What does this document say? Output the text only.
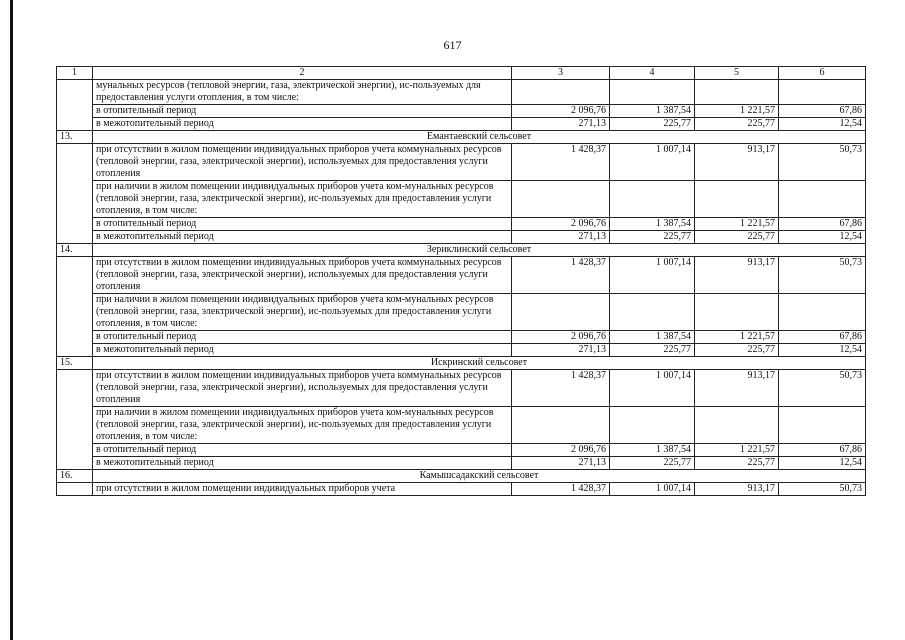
617
1	2	3	4	5	6
	мунальных ресурсов (тепловой энергии, газа, электрической энергии), ис-пользуемых для предоставления услуги отопления, в том числе:				
	в отопительный период	2 096,76	1 387,54	1 221,57	67,86
	в межотопительный период	271,13	225,77	225,77	12,54
13.	Емантаевский сельсовет				
	при отсутствии в жилом помещении индивидуальных приборов учета коммунальных ресурсов (тепловой энергии, газа, электрической энергии), используемых для предоставления услуги отопления	1 428,37	1 007,14	913,17	50,73
	при наличии в жилом помещении индивидуальных приборов учета ком-мунальных ресурсов (тепловой энергии, газа, электрической энергии), ис-пользуемых для предоставления услуги отопления, в том числе:				
	в отопительный период	2 096,76	1 387,54	1 221,57	67,86
	в межотопительный период	271,13	225,77	225,77	12,54
14.	Зериклинский сельсовет				
	при отсутствии в жилом помещении индивидуальных приборов учета коммунальных ресурсов (тепловой энергии, газа, электрической энергии), используемых для предоставления услуги отопления	1 428,37	1 007,14	913,17	50,73
	при наличии в жилом помещении индивидуальных приборов учета ком-мунальных ресурсов (тепловой энергии, газа, электрической энергии), ис-пользуемых для предоставления услуги отопления, в том числе:				
	в отопительный период	2 096,76	1 387,54	1 221,57	67,86
	в межотопительный период	271,13	225,77	225,77	12,54
15.	Искринский сельсовет				
	при отсутствии в жилом помещении индивидуальных приборов учета коммунальных ресурсов (тепловой энергии, газа, электрической энергии), используемых для предоставления услуги отопления	1 428,37	1 007,14	913,17	50,73
	при наличии в жилом помещении индивидуальных приборов учета ком-мунальных ресурсов (тепловой энергии, газа, электрической энергии), ис-пользуемых для предоставления услуги отопления, в том числе:				
	в отопительный период	2 096,76	1 387,54	1 221,57	67,86
	в межотопительный период	271,13	225,77	225,77	12,54
16.	Камышсадакский сельсовет				
	при отсутствии в жилом помещении индивидуальных приборов учета	1 428,37	1 007,14	913,17	50,73
·
